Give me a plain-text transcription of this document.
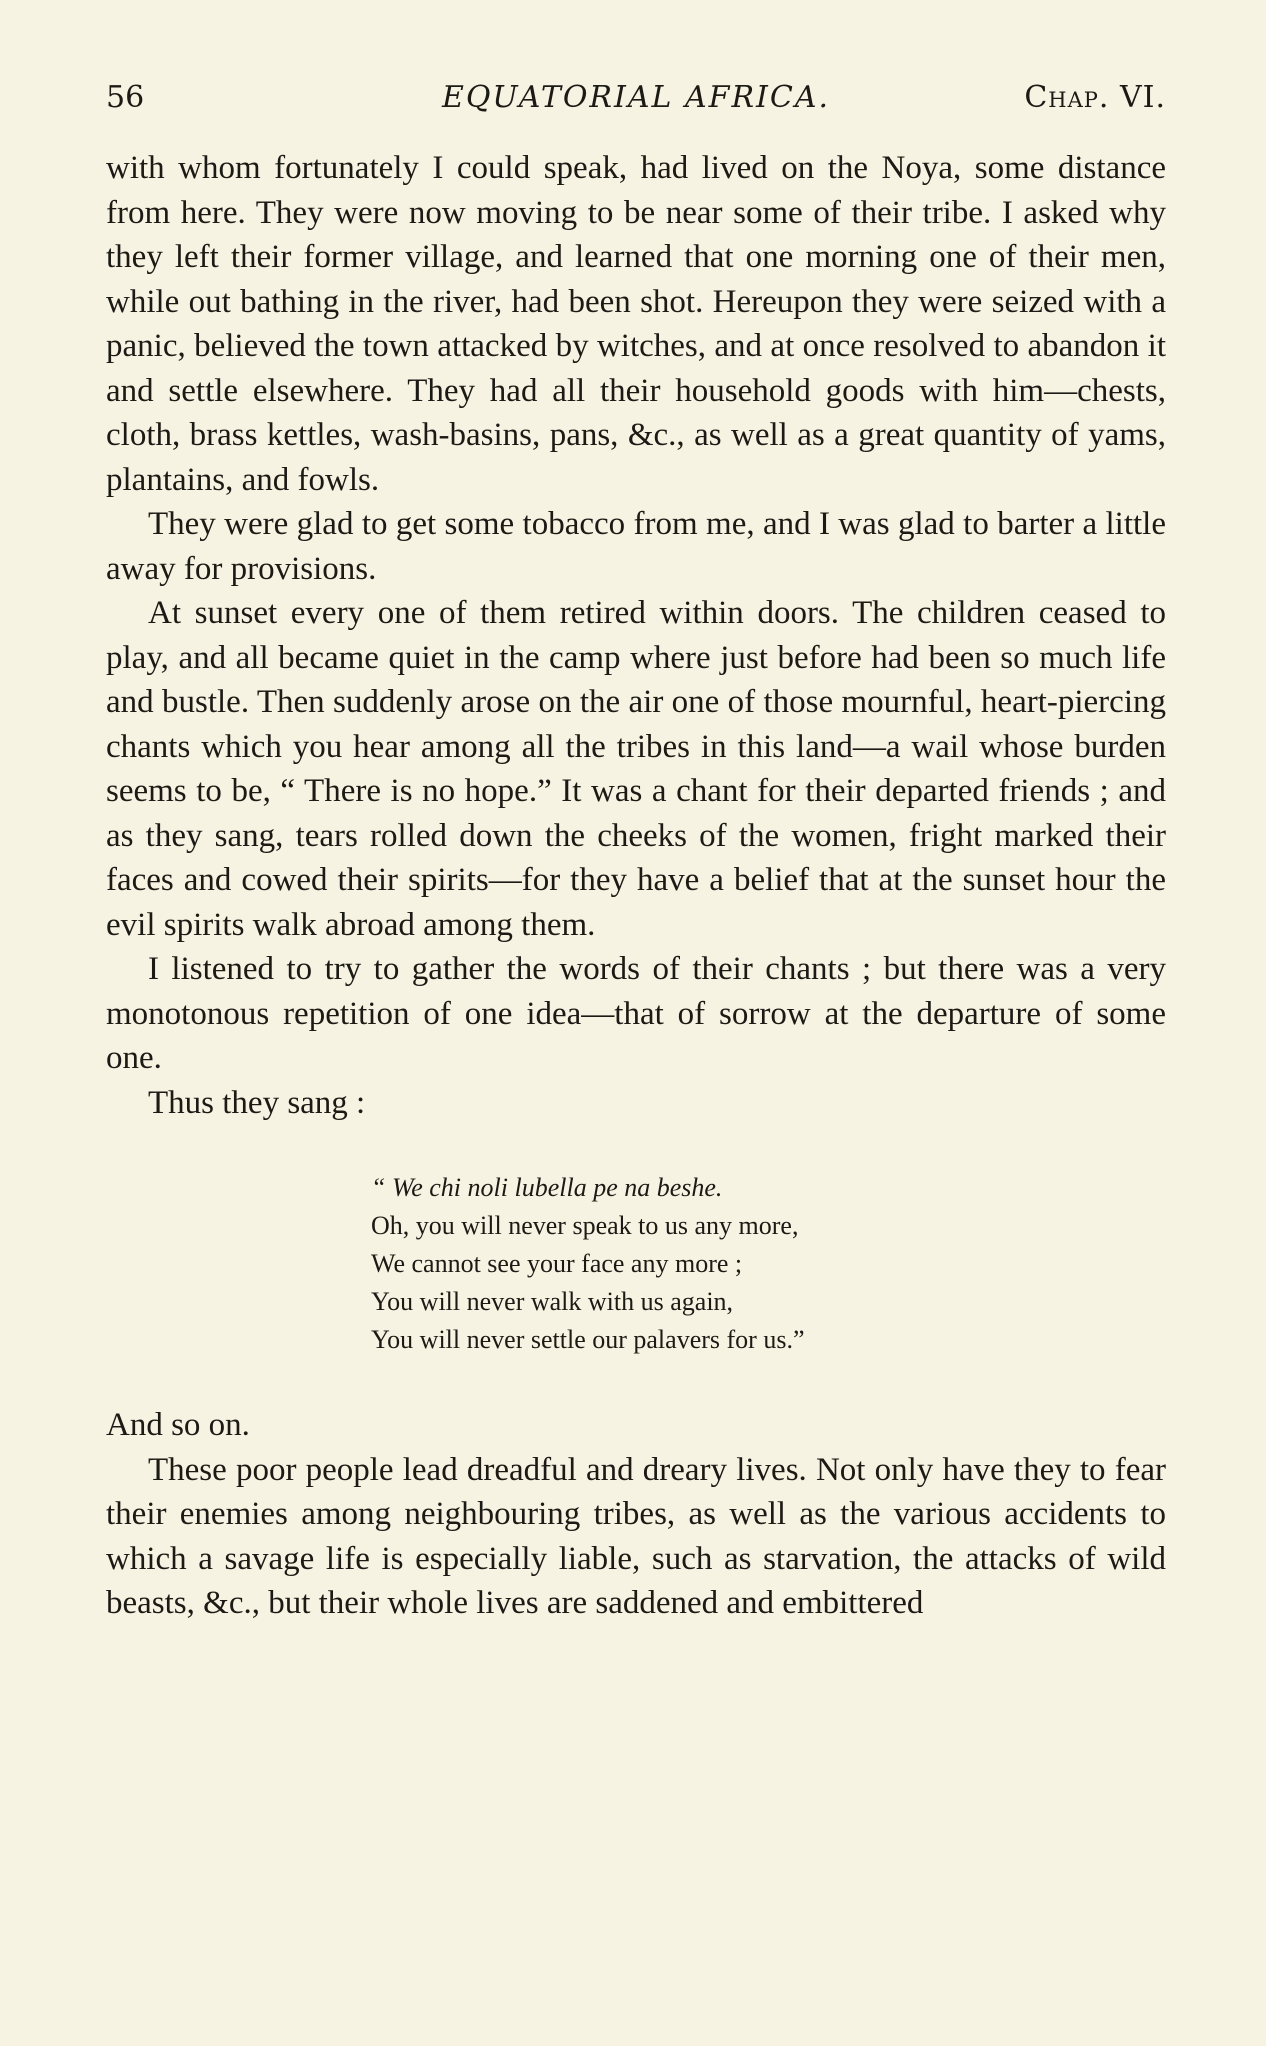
56	EQUATORIAL AFRICA.	Chap. VI.

with whom fortunately I could speak, had lived on the Noya, some distance from here. They were now moving to be near some of their tribe. I asked why they left their former village, and learned that one morning one of their men, while out bathing in the river, had been shot. Hereupon they were seized with a panic, believed the town attacked by witches, and at once resolved to abandon it and settle elsewhere. They had all their household goods with him—chests, cloth, brass kettles, wash-basins, pans, &c., as well as a great quantity of yams, plantains, and fowls.

They were glad to get some tobacco from me, and I was glad to barter a little away for provisions.

At sunset every one of them retired within doors. The children ceased to play, and all became quiet in the camp where just before had been so much life and bustle. Then suddenly arose on the air one of those mournful, heart-piercing chants which you hear among all the tribes in this land—a wail whose burden seems to be, “ There is no hope.” It was a chant for their departed friends ; and as they sang, tears rolled down the cheeks of the women, fright marked their faces and cowed their spirits—for they have a belief that at the sunset hour the evil spirits walk abroad among them.

I listened to try to gather the words of their chants ; but there was a very monotonous repetition of one idea—that of sorrow at the departure of some one.

Thus they sang :

“ We chi noli lubella pe na beshe.
Oh, you will never speak to us any more,
We cannot see your face any more ;
You will never walk with us again,
You will never settle our palavers for us.”

And so on.

These poor people lead dreadful and dreary lives. Not only have they to fear their enemies among neighbouring tribes, as well as the various accidents to which a savage life is especially liable, such as starvation, the attacks of wild beasts, &c., but their whole lives are saddened and embittered
